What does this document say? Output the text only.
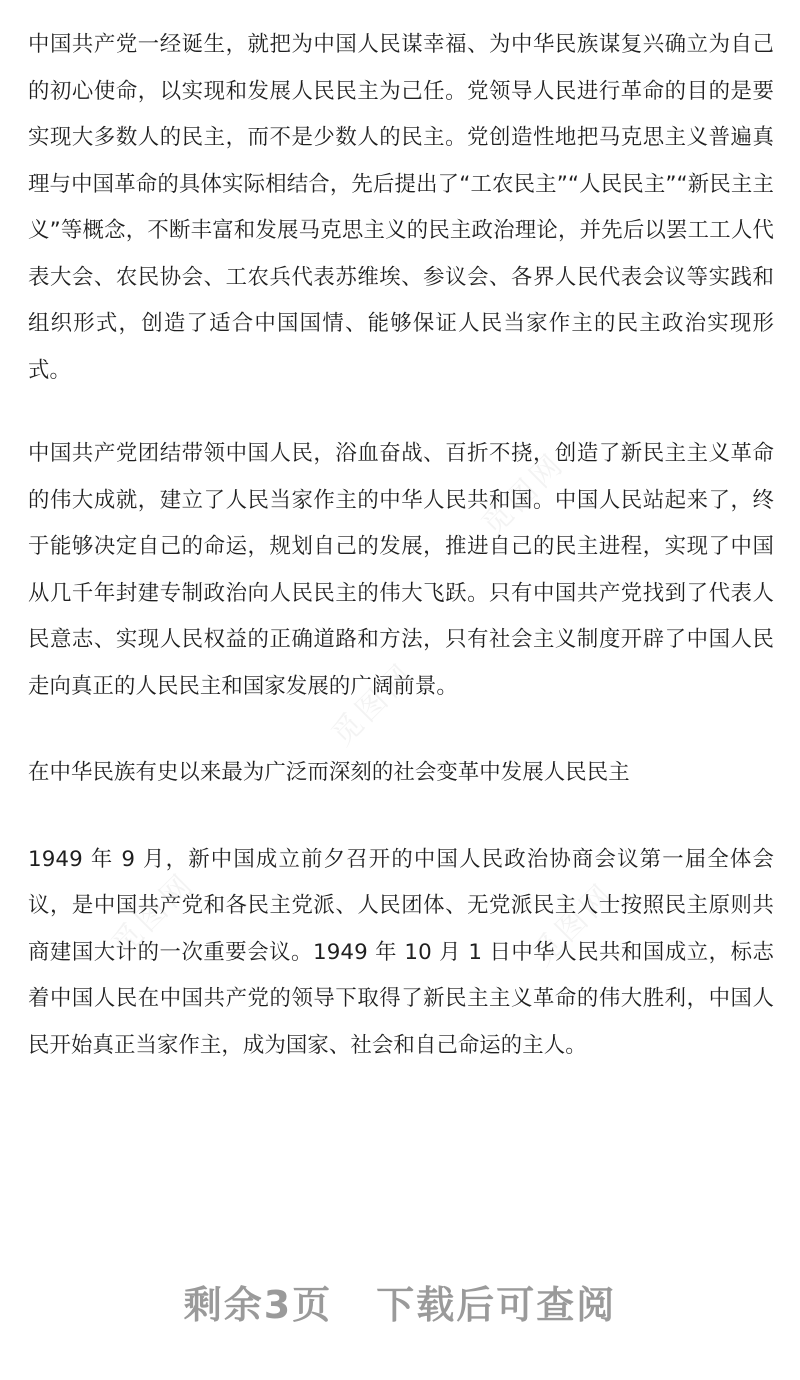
觅图网
觅图网
觅图网	觅图网

中国共产党一经诞生，就把为中国人民谋幸福、为中华民族谋复兴确立为自己的初心使命，以实现和发展人民民主为己任。党领导人民进行革命的目的是要实现大多数人的民主，而不是少数人的民主。党创造性地把马克思主义普遍真理与中国革命的具体实际相结合，先后提出了“工农民主”“人民民主”“新民主主义”等概念，不断丰富和发展马克思主义的民主政治理论，并先后以罢工工人代表大会、农民协会、工农兵代表苏维埃、参议会、各界人民代表会议等实践和组织形式，创造了适合中国国情、能够保证人民当家作主的民主政治实现形式。

中国共产党团结带领中国人民，浴血奋战、百折不挠，创造了新民主主义革命的伟大成就，建立了人民当家作主的中华人民共和国。中国人民站起来了，终于能够决定自己的命运，规划自己的发展，推进自己的民主进程，实现了中国从几千年封建专制政治向人民民主的伟大飞跃。只有中国共产党找到了代表人民意志、实现人民权益的正确道路和方法，只有社会主义制度开辟了中国人民走向真正的人民民主和国家发展的广阔前景。

在中华民族有史以来最为广泛而深刻的社会变革中发展人民民主

1949 年 9 月，新中国成立前夕召开的中国人民政治协商会议第一届全体会议，是中国共产党和各民主党派、人民团体、无党派民主人士按照民主原则共商建国大计的一次重要会议。1949 年 10 月 1 日中华人民共和国成立，标志着中国人民在中国共产党的领导下取得了新民主主义革命的伟大胜利，中国人民开始真正当家作主，成为国家、社会和自己命运的主人。

剩余3页 下载后可查阅
